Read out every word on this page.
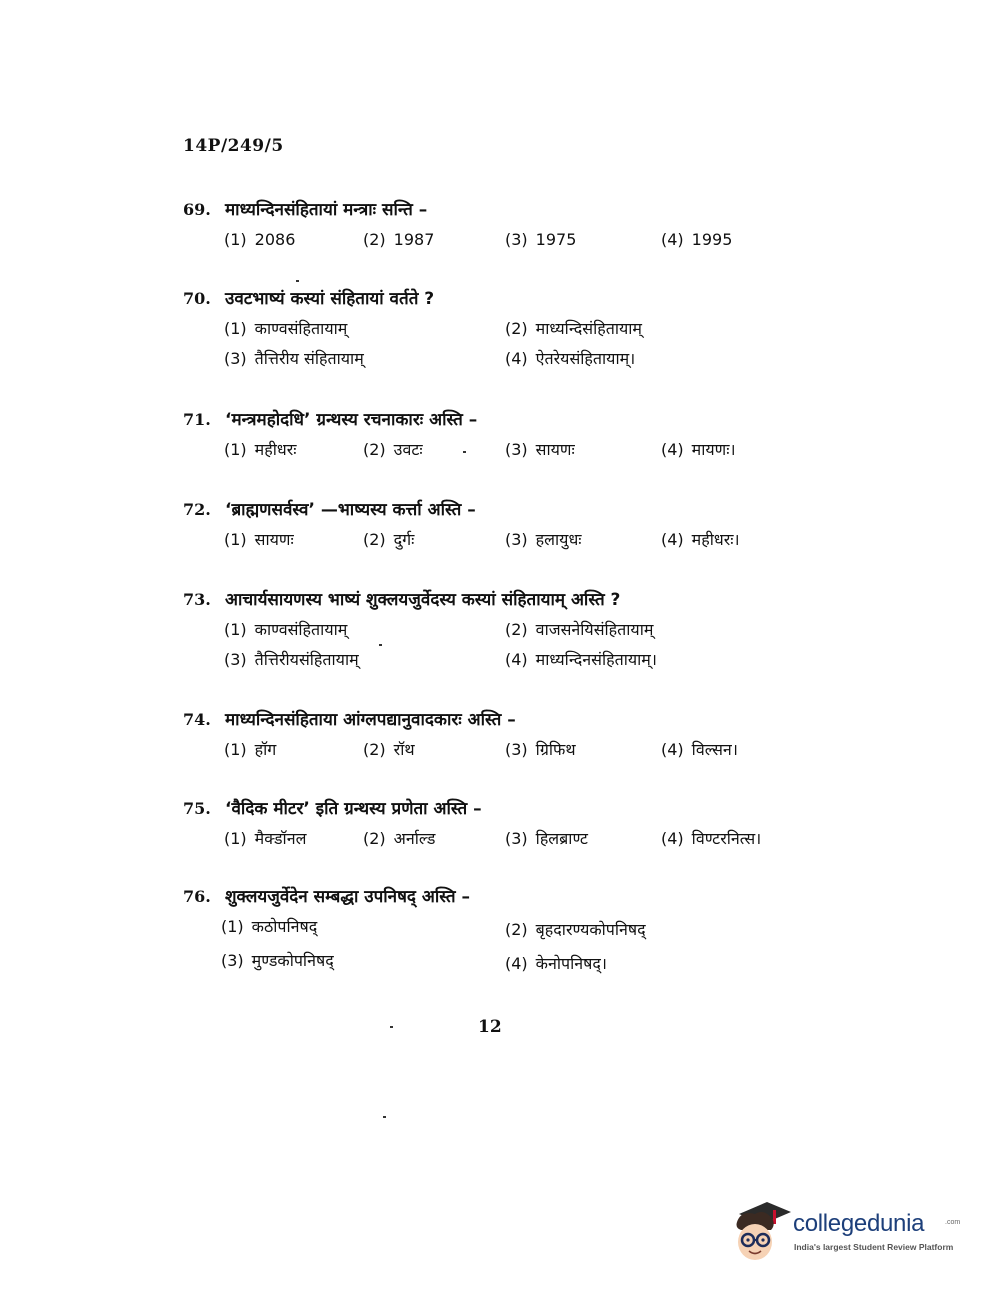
14P/249/5
69. माध्यन्दिनसंहितायां मन्त्राः सन्ति –
(1) 2086	(2) 1987	(3) 1975	(4) 1995
70. उवटभाष्यं कस्यां संहितायां वर्तते ?
(1) काण्वसंहितायाम्	(2) माध्यन्दिसंहितायाम्
(3) तैत्तिरीय संहितायाम्	(4) ऐतरेयसंहितायाम्।
71. ‘मन्त्रमहोदधि’ ग्रन्थस्य रचनाकारः अस्ति –
(1) महीधरः	(2) उवटः	(3) सायणः	(4) मायणः।
72. ‘ब्राह्मणसर्वस्व’ —भाष्यस्य कर्त्ता अस्ति –
(1) सायणः	(2) दुर्गः	(3) हलायुधः	(4) महीधरः।
73. आचार्यसायणस्य भाष्यं शुक्लयजुर्वेदस्य कस्यां संहितायाम् अस्ति ?
(1) काण्वसंहितायाम्	(2) वाजसनेयिसंहितायाम्
(3) तैत्तिरीयसंहितायाम्	(4) माध्यन्दिनसंहितायाम्।
74. माध्यन्दिनसंहिताया आंग्लपद्यानुवादकारः अस्ति –
(1) हॉग	(2) रॉथ	(3) ग्रिफिथ	(4) विल्सन।
75. ‘वैदिक मीटर’ इति ग्रन्थस्य प्रणेता अस्ति –
(1) मैक्डॉनल	(2) अर्नाल्ड	(3) हिलब्राण्ट	(4) विण्टरनित्स।
76. शुक्लयजुर्वेदेन सम्बद्धा उपनिषद् अस्ति –
(1) कठोपनिषद्	(2) बृहदारण्यकोपनिषद्
(3) मुण्डकोपनिषद्	(4) केनोपनिषद्।
12
collegedunia	.com
India's largest Student Review Platform
